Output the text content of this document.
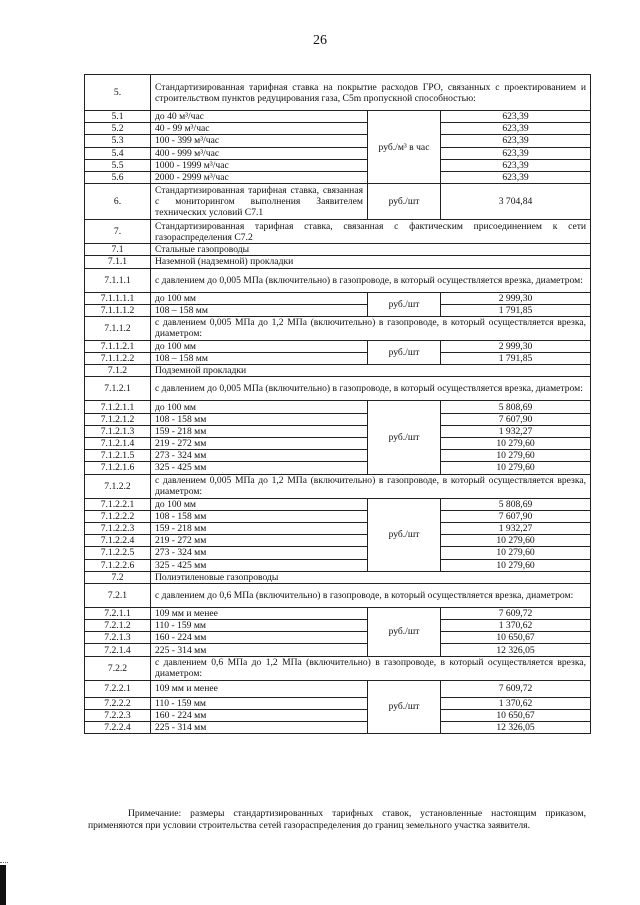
26
5.	Стандартизированная тарифная ставка на покрытие расходов ГРО, связанных с проектированием и строительством пунктов редуцирования газа, C5m пропускной способностью:		
5.1	до 40 м³/час	руб./м³ в час	623,39
5.2	40 - 99 м³/час		623,39
5.3	100 - 399 м³/час		623,39
5.4	400 - 999 м³/час		623,39
5.5	1000 - 1999 м³/час		623,39
5.6	2000 - 2999 м³/час		623,39
6.	Стандартизированная тарифная ставка, связанная с мониторингом выполнения Заявителем технических условий C7.1	руб./шт	3 704,84
7.	Стандартизированная тарифная ставка, связанная с фактическим присоединением к сети газораспределения C7.2		
7.1	Стальные газопроводы		
7.1.1	Наземной (надземной) прокладки		
7.1.1.1	с давлением до 0,005 МПа (включительно) в газопроводе, в который осуществляется врезка, диаметром:		
7.1.1.1.1	до 100 мм	руб./шт	2 999,30
7.1.1.1.2	108 – 158 мм		1 791,85
7.1.1.2	с давлением 0,005 МПа до 1,2 МПа (включительно) в газопроводе, в который осуществляется врезка, диаметром:		
7.1.1.2.1	до 100 мм	руб./шт	2 999,30
7.1.1.2.2	108 – 158 мм		1 791,85
7.1.2	Подземной прокладки		
7.1.2.1	с давлением до 0,005 МПа (включительно) в газопроводе, в который осуществляется врезка, диаметром:		
7.1.2.1.1	до 100 мм	руб./шт	5 808,69
7.1.2.1.2	108 - 158 мм		7 607,90
7.1.2.1.3	159 - 218 мм		1 932,27
7.1.2.1.4	219 - 272 мм		10 279,60
7.1.2.1.5	273 - 324 мм		10 279,60
7.1.2.1.6	325 - 425 мм		10 279,60
7.1.2.2	с давлением 0,005 МПа до 1,2 МПа (включительно) в газопроводе, в который осуществляется врезка, диаметром:		
7.1.2.2.1	до 100 мм	руб./шт	5 808,69
7.1.2.2.2	108 - 158 мм		7 607,90
7.1.2.2.3	159 - 218 мм		1 932,27
7.1.2.2.4	219 - 272 мм		10 279,60
7.1.2.2.5	273 - 324 мм		10 279,60
7.1.2.2.6	325 - 425 мм		10 279,60
7.2	Полиэтиленовые газопроводы		
7.2.1	с давлением до 0,6 МПа (включительно) в газопроводе, в который осуществляется врезка, диаметром:		
7.2.1.1	109 мм и менее	руб./шт	7 609,72
7.2.1.2	110 - 159 мм		1 370,62
7.2.1.3	160 - 224 мм		10 650,67
7.2.1.4	225 - 314 мм		12 326,05
7.2.2	с давлением 0,6 МПа до 1,2 МПа (включительно) в газопроводе, в который осуществляется врезка, диаметром:		
7.2.2.1	109 мм и менее	руб./шт	7 609,72
7.2.2.2	110 - 159 мм		1 370,62
7.2.2.3	160 - 224 мм		10 650,67
7.2.2.4	225 - 314 мм		12 326,05

Примечание: размеры стандартизированных тарифных ставок, установленные настоящим приказом, применяются при условии строительства сетей газораспределения до границ земельного участка заявителя.
